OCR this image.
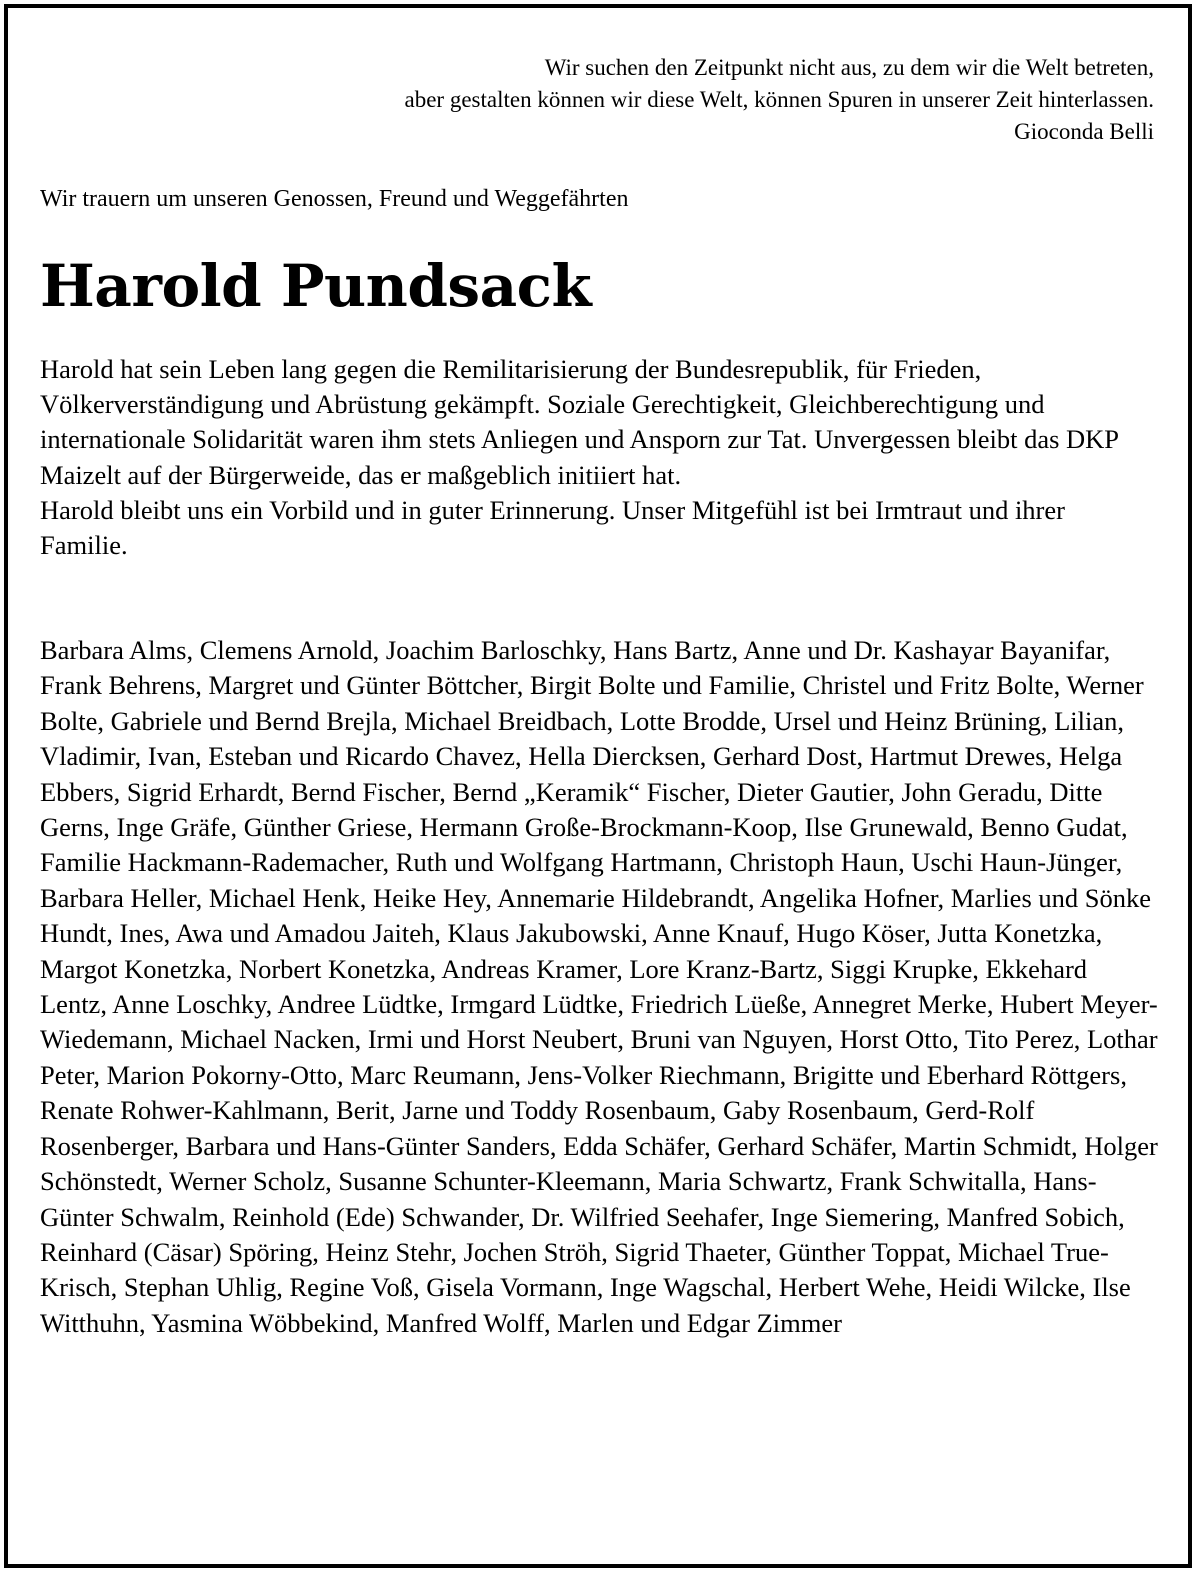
Wir suchen den Zeitpunkt nicht aus, zu dem wir die Welt betreten,

aber gestalten können wir diese Welt, können Spuren in unserer Zeit hinterlassen.

Gioconda Belli

Wir trauern um unseren Genossen, Freund und Weggefährten

Harold Pundsack

Harold hat sein Leben lang gegen die Remilitarisierung der Bundesrepublik, für Frieden, Völkerverständigung und Abrüstung gekämpft. Soziale Gerechtigkeit, Gleichberechtigung und internationale Solidarität waren ihm stets Anliegen und Ansporn zur Tat. Unvergessen bleibt das DKP Maizelt auf der Bürgerweide, das er maßgeblich initiiert hat.

Harold bleibt uns ein Vorbild und in guter Erinnerung. Unser Mitgefühl ist bei Irmtraut und ihrer Familie.

Barbara Alms, Clemens Arnold, Joachim Barloschky, Hans Bartz, Anne und Dr. Kashayar Bayanifar, Frank Behrens, Margret und Günter Böttcher, Birgit Bolte und Familie, Christel und Fritz Bolte, Werner Bolte, Gabriele und Bernd Brejla, Michael Breidbach, Lotte Brodde, Ursel und Heinz Brüning, Lilian, Vladimir, Ivan, Esteban und Ricardo Chavez, Hella Diercksen, Gerhard Dost, Hartmut Drewes, Helga Ebbers, Sigrid Erhardt, Bernd Fischer, Bernd „Keramik“ Fischer, Dieter Gautier, John Geradu, Ditte Gerns, Inge Gräfe, Günther Griese, Hermann Große-Brockmann-Koop, Ilse Grunewald, Benno Gudat, Familie Hackmann-Rademacher, Ruth und Wolfgang Hartmann, Christoph Haun, Uschi Haun-Jünger, Barbara Heller, Michael Henk, Heike Hey, Annemarie Hildebrandt, Angelika Hofner, Marlies und Sönke Hundt, Ines, Awa und Amadou Jaiteh, Klaus Jakubowski, Anne Knauf, Hugo Köser, Jutta Konetzka, Margot Konetzka, Norbert Konetzka, Andreas Kramer, Lore Kranz-Bartz, Siggi Krupke, Ekkehard Lentz, Anne Loschky, Andree Lüdtke, Irmgard Lüdtke, Friedrich Lüeße, Annegret Merke, Hubert Meyer-Wiedemann, Michael Nacken, Irmi und Horst Neubert, Bruni van Nguyen, Horst Otto, Tito Perez, Lothar Peter, Marion Pokorny-Otto, Marc Reumann, Jens-Volker Riechmann, Brigitte und Eberhard Röttgers, Renate Rohwer-Kahlmann, Berit, Jarne und Toddy Rosenbaum, Gaby Rosenbaum, Gerd-Rolf Rosenberger, Barbara und Hans-Günter Sanders, Edda Schäfer, Gerhard Schäfer, Martin Schmidt, Holger Schönstedt, Werner Scholz, Susanne Schunter-Kleemann, Maria Schwartz, Frank Schwitalla, Hans-Günter Schwalm, Reinhold (Ede) Schwander, Dr. Wilfried Seehafer, Inge Siemering, Manfred Sobich, Reinhard (Cäsar) Spöring, Heinz Stehr, Jochen Ströh, Sigrid Thaeter, Günther Toppat, Michael True-Krisch, Stephan Uhlig, Regine Voß, Gisela Vormann, Inge Wagschal, Herbert Wehe, Heidi Wilcke, Ilse Witthuhn, Yasmina Wöbbekind, Manfred Wolff, Marlen und Edgar Zimmer
